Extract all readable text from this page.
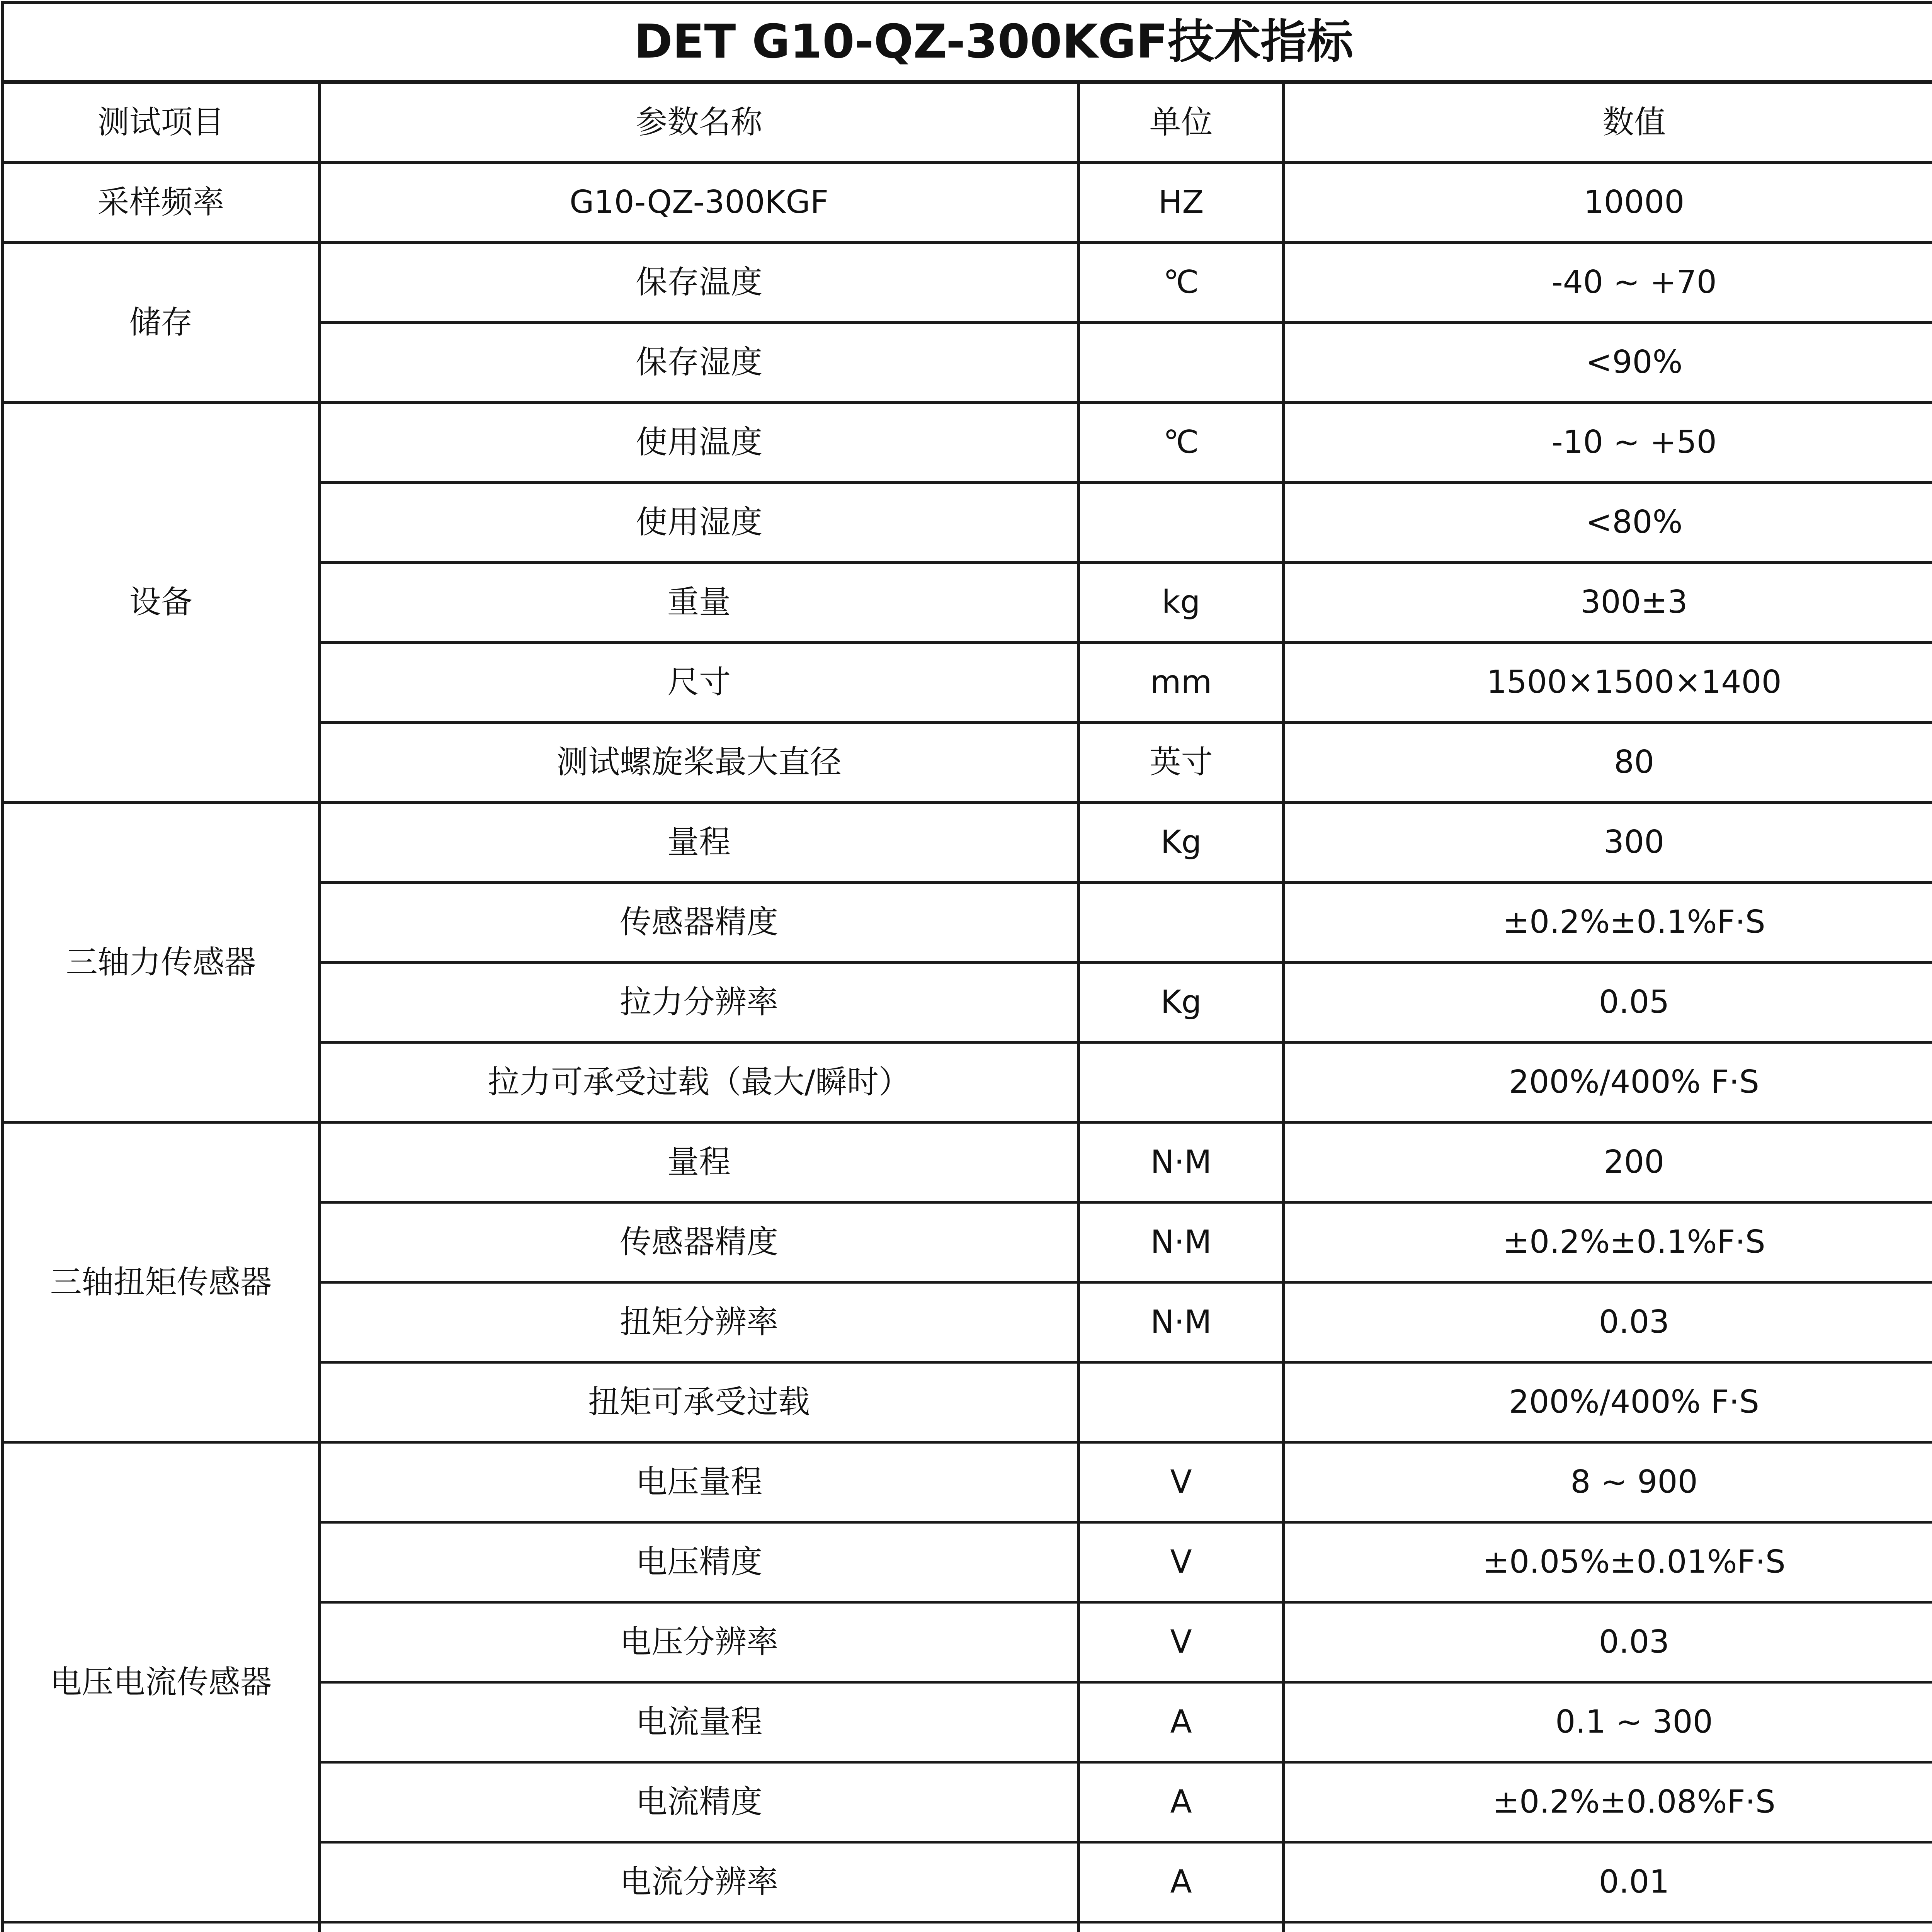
DET G10-QZ-300KGF技术指标			
测试项目	参数名称	单位	数值
采样频率	G10-QZ-300KGF	HZ	10000
储存	保存温度	℃	-40 ~ +70
	保存湿度		<90%
设备	使用温度	℃	-10 ~ +50
	使用湿度		<80%
	重量	kg	300±3
	尺寸	mm	1500×1500×1400
	测试螺旋桨最大直径	英寸	80
三轴力传感器	量程	Kg	300
	传感器精度		±0.2%±0.1%F·S
	拉力分辨率	Kg	0.05
	拉力可承受过载（最大/瞬时）		200%/400% F·S
三轴扭矩传感器	量程	N·M	200
	传感器精度	N·M	±0.2%±0.1%F·S
	扭矩分辨率	N·M	0.03
	扭矩可承受过载		200%/400% F·S
电压电流传感器	电压量程	V	8 ~ 900
	电压精度	V	±0.05%±0.01%F·S
	电压分辨率	V	0.03
	电流量程	A	0.1 ~ 300
	电流精度	A	±0.2%±0.08%F·S
	电流分辨率	A	0.01
